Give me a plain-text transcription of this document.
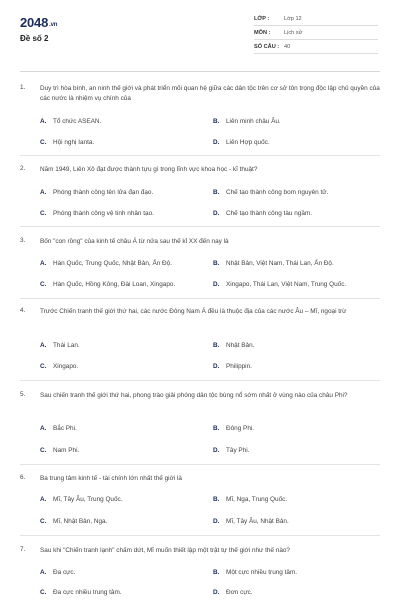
2048.vn
Đề số 2
LỚP :	Lớp 12
MÔN : Lịch sử
SỐ CÂU : 40
1. Duy trì hòa bình, an ninh thế giới và phát triển mối quan hệ giữa các dân tộc trên cơ sở tôn trọng độc lập chủ quyền của các nước là nhiệm vụ chính của
A. Tổ chức ASEAN.	B. Liên minh châu Âu.
C. Hội nghị Ianta.	D. Liên Hợp quốc.
2. Năm 1949, Liên Xô đạt được thành tựu gì trong lĩnh vực khoa học - kĩ thuật?
A. Phóng thành công tên lửa đạn đạo.	B. Chế tạo thành công bom nguyên tử.
C. Phóng thành công vệ tinh nhân tạo.	D. Chế tạo thành công tàu ngầm.
3. Bốn "con rồng" của kinh tế châu Á từ nửa sau thế kỉ XX đến nay là
A. Hàn Quốc, Trung Quốc, Nhật Bản, Ấn Độ.	B. Nhật Bản, Việt Nam, Thái Lan, Ấn Độ.
C. Hàn Quốc, Hồng Kông, Đài Loan, Xingapo.	D. Xingapo, Thái Lan, Việt Nam, Trung Quốc.
4. Trước Chiến tranh thế giới thứ hai, các nước Đông Nam Á đều là thuộc địa của các nước Âu – Mĩ, ngoại trừ
A. Thái Lan.	B. Nhật Bản.
C. Xingapo.	D. Philippin.
5. Sau chiến tranh thế giới thứ hai, phong trào giải phóng dân tộc bùng nổ sớm nhất ở vùng nào của châu Phi?
A. Bắc Phi.	B. Đông Phi.
C. Nam Phi.	D. Tây Phi.
6. Ba trung tâm kinh tế - tài chính lớn nhất thế giới là
A. Mĩ, Tây Âu, Trung Quốc.	B. Mĩ, Nga, Trung Quốc.
C. Mĩ, Nhật Bản, Nga.	D. Mĩ, Tây Âu, Nhật Bản.
7. Sau khi "Chiến tranh lạnh" chấm dứt, Mĩ muốn thiết lập một trật tự thế giới như thế nào?
A. Đa cực.	B. Một cực nhiều trung tâm.
C. Đa cực nhiều trung tâm.	D. Đơn cực.
